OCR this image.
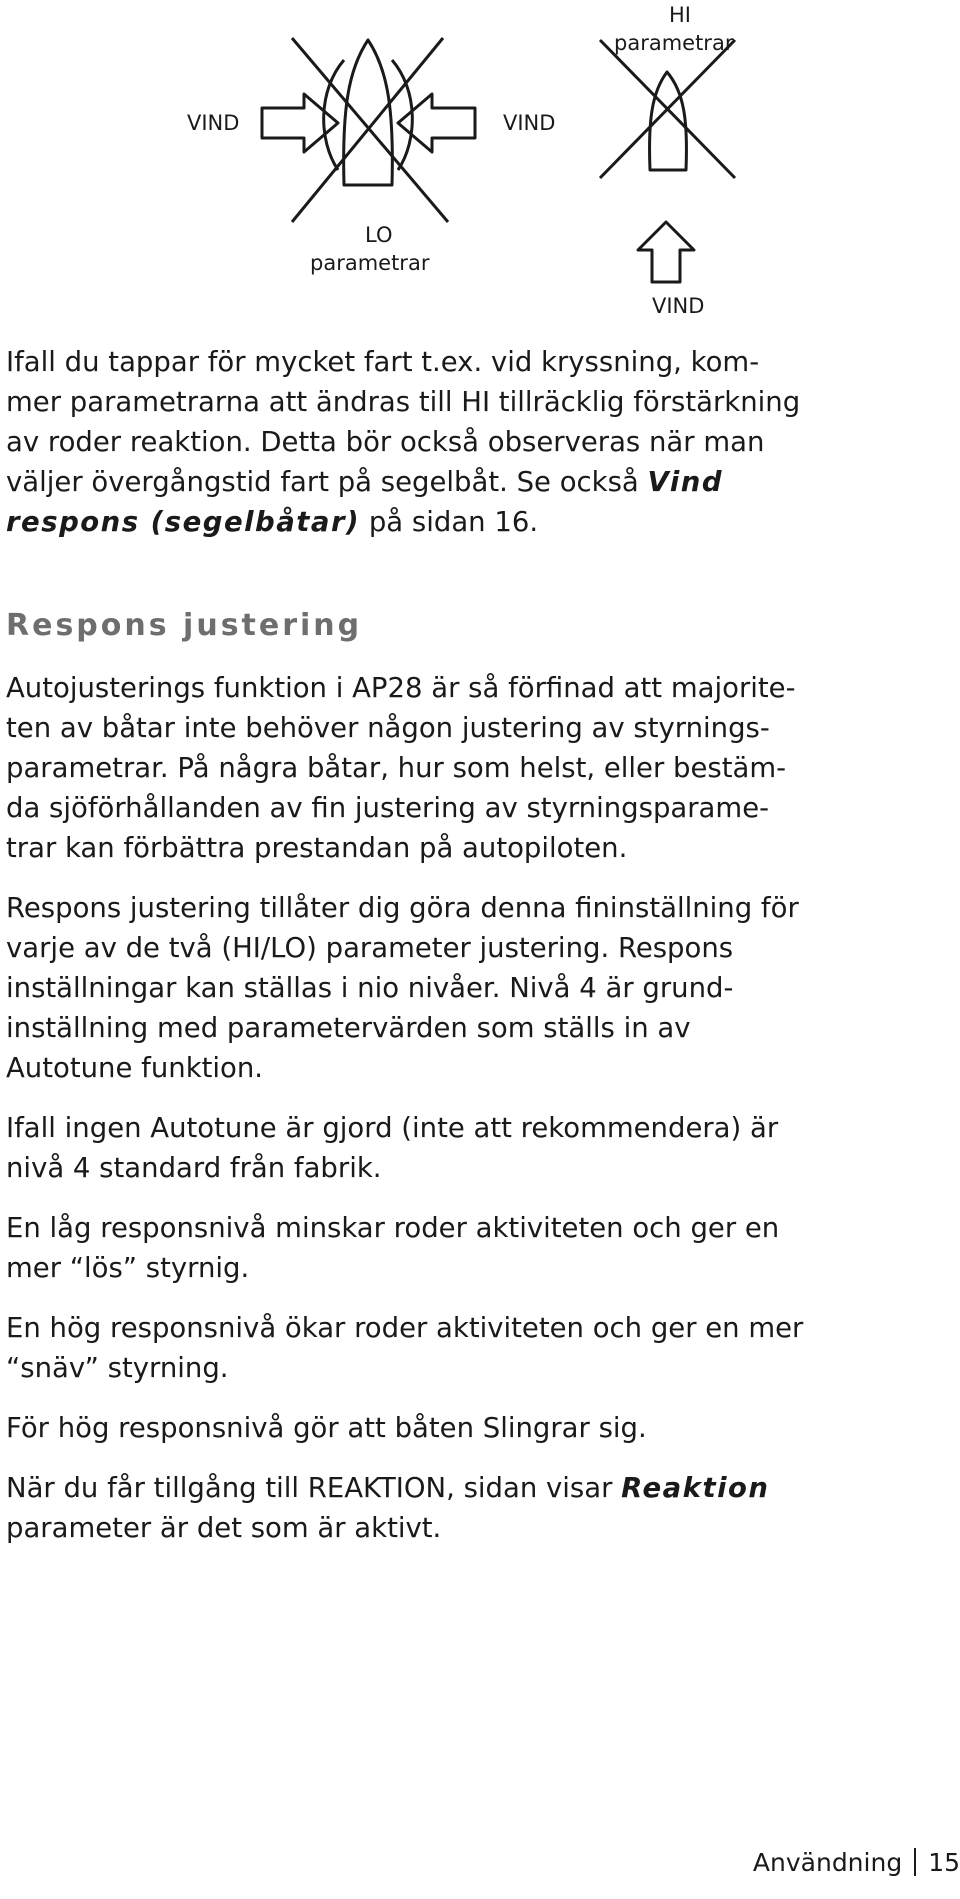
HI
parametrar
VIND	VIND
LO
parametrar
VIND

Ifall du tappar för mycket fart t.ex. vid kryssning, kom-

mer parametrarna att ändras till HI tillräcklig förstärkning

av roder reaktion. Detta bör också observeras när man

väljer övergångstid fart på segelbåt. Se också Vind

respons (segelbåtar) på sidan 16.

Respons justering

Autojusterings funktion i AP28 är så förfinad att majorite-

ten av båtar inte behöver någon justering av styrnings-

parametrar. På några båtar, hur som helst, eller bestäm-

da sjöförhållanden av fin justering av styrningsparame-

trar kan förbättra prestandan på autopiloten.

Respons justering tillåter dig göra denna fininställning för

varje av de två (HI/LO) parameter justering. Respons

inställningar kan ställas i nio nivåer. Nivå 4 är grund-

inställning med parametervärden som ställs in av

Autotune funktion.

Ifall ingen Autotune är gjord (inte att rekommendera) är

nivå 4 standard från fabrik.

En låg responsnivå minskar roder aktiviteten och ger en

mer “lös” styrnig.

En hög responsnivå ökar roder aktiviteten och ger en mer

“snäv” styrning.

För hög responsnivå gör att båten Slingrar sig.

När du får tillgång till REAKTION, sidan visar Reaktion

parameter är det som är aktivt.

Användning 15
